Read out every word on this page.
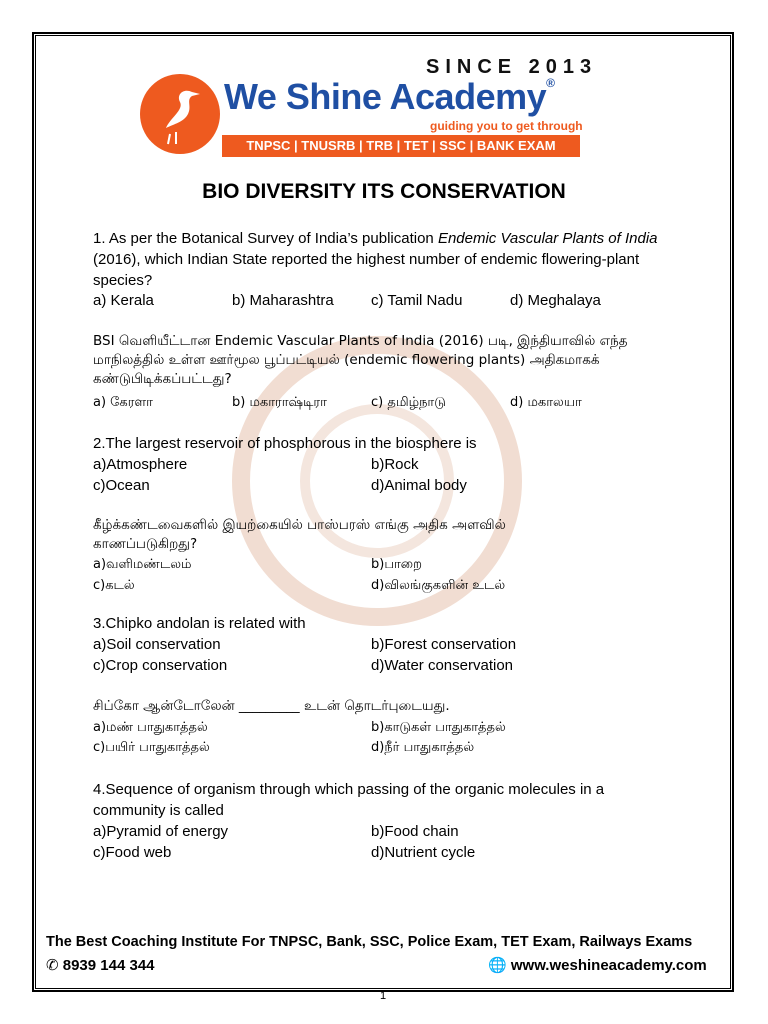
SINCE 2013
We Shine Academy®
guiding you to get through
TNPSC | TNUSRB | TRB | TET | SSC | BANK EXAM
BIO DIVERSITY ITS CONSERVATION
1. As per the Botanical Survey of India’s publication Endemic Vascular Plants of India (2016), which Indian State reported the highest number of endemic flowering-plant species?
a) Kerala	b) Maharashtra c) Tamil Nadu	d) Meghalaya
BSI வெளியீட்டான Endemic Vascular Plants of India (2016) படி, இந்தியாவில் எந்த மாநிலத்தில் உள்ள ஊர்மூல பூப்பட்டியல் (endemic flowering plants) அதிகமாகக் கண்டுபிடிக்கப்பட்டது?
a) கேரளா	b) மகாராஷ்டிரா	c) தமிழ்நாடு	d) மகாலயா
2.The largest reservoir of phosphorous in the biosphere is
a)Atmosphere	b)Rock
c)Ocean	d)Animal body
கீழ்க்கண்டவைகளில் இயற்கையில் பாஸ்பரஸ் எங்கு அதிக அளவில் காணப்படுகிறது?
a)வளிமண்டலம்	b)பாறை
c)கடல்	d)விலங்குகளின் உடல்
3.Chipko andolan is related with
a)Soil conservation	b)Forest conservation
c)Crop conservation	d)Water conservation
சிப்கோ ஆன்டோலேன் _________ உடன் தொடர்புடையது.
a)மண் பாதுகாத்தல்	b)காடுகள் பாதுகாத்தல்
c)பயிர் பாதுகாத்தல்	d)நீர் பாதுகாத்தல்
4.Sequence of organism through which passing of the organic molecules in a community is called
a)Pyramid of energy	b)Food chain
c)Food web	d)Nutrient cycle
The Best Coaching Institute For TNPSC, Bank, SSC, Police Exam, TET Exam, Railways Exams
✆ 8939 144 344	🌐 www.weshineacademy.com
1
